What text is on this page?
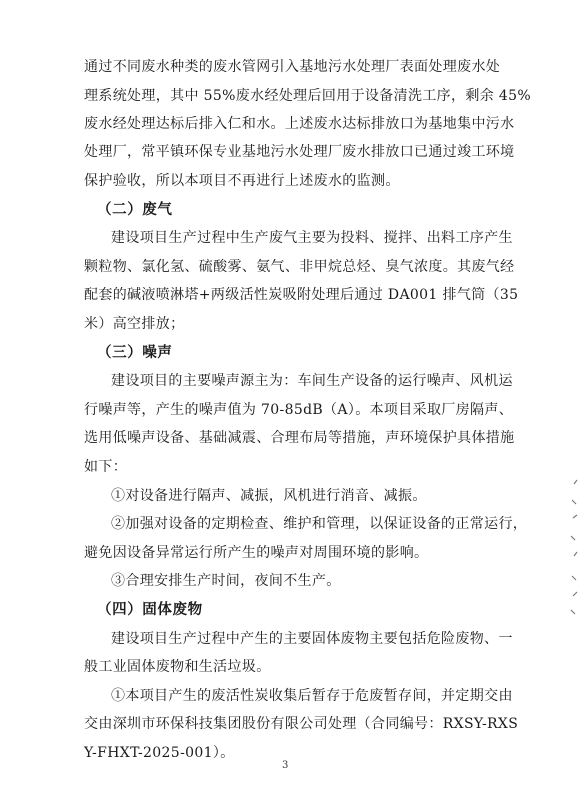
通过不同废水种类的废水管网引入基地污水处理厂表面处理废水处
理系统处理，其中 55%废水经处理后回用于设备清洗工序，剩余 45%
废水经处理达标后排入仁和水。上述废水达标排放口为基地集中污水
处理厂，常平镇环保专业基地污水处理厂废水排放口已通过竣工环境
保护验收，所以本项目不再进行上述废水的监测。
（二）废气
建设项目生产过程中生产废气主要为投料、搅拌、出料工序产生
颗粒物、氯化氢、硫酸雾、氨气、非甲烷总烃、臭气浓度。其废气经
配套的碱液喷淋塔+两级活性炭吸附处理后通过 DA001 排气筒（35
米）高空排放；
（三）噪声
建设项目的主要噪声源主为：车间生产设备的运行噪声、风机运
行噪声等，产生的噪声值为 70-85dB（A）。本项目采取厂房隔声、
选用低噪声设备、基础减震、合理布局等措施，声环境保护具体措施
如下：
①对设备进行隔声、减振，风机进行消音、减振。
②加强对设备的定期检查、维护和管理，以保证设备的正常运行，
避免因设备异常运行所产生的噪声对周围环境的影响。
③合理安排生产时间，夜间不生产。
（四）固体废物
建设项目生产过程中产生的主要固体废物主要包括危险废物、一
般工业固体废物和生活垃圾。
①本项目产生的废活性炭收集后暂存于危废暂存间，并定期交由
交由深圳市环保科技集团股份有限公司处理（合同编号：RXSY-RXS
Y-FHXT-2025-001）。
3
